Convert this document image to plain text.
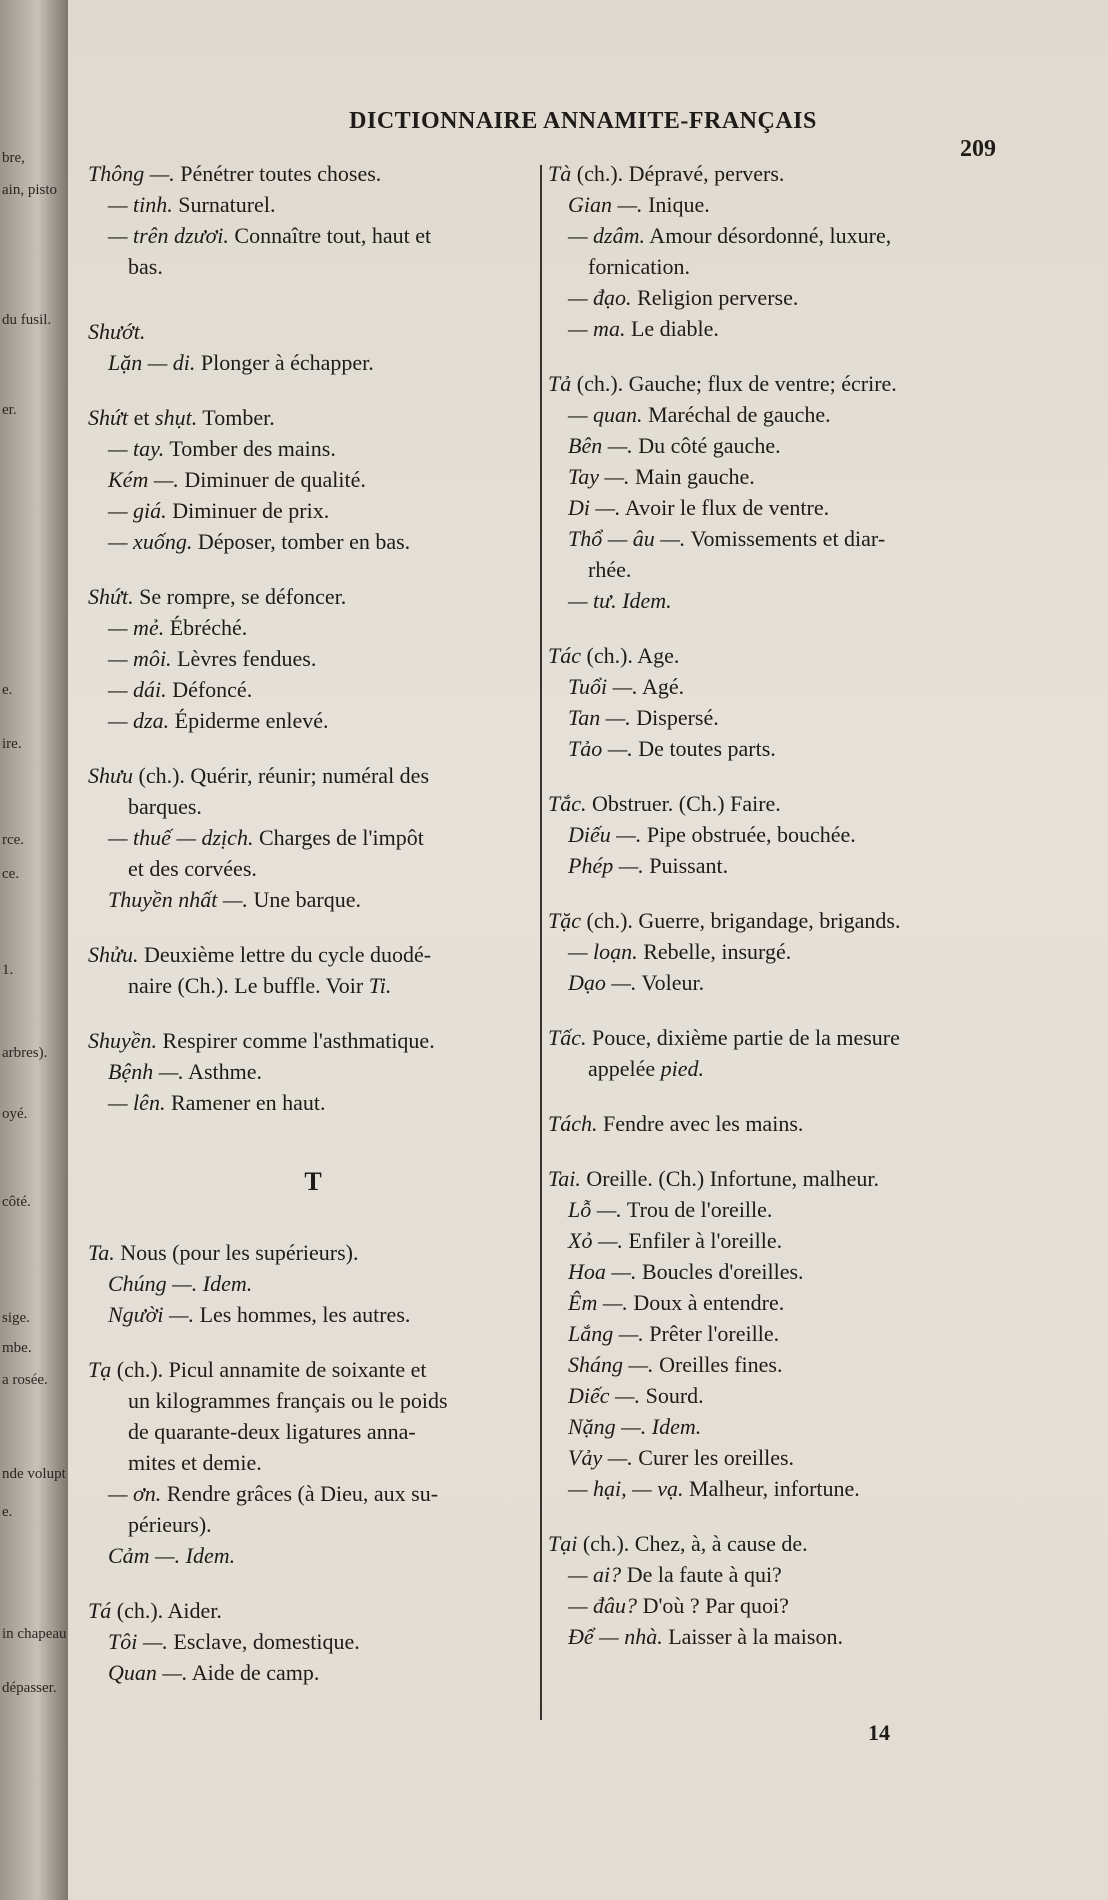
bre,
ain, pisto
du fusil.
er.
e.
ire.
rce.
ce.
1.
arbres).
oyé.
côté.
sige.
mbe.
a rosée.
nde volupt
e.
in chapeau
dépasser.
DICTIONNAIRE ANNAMITE-FRANÇAIS
209
Thông —. Pénétrer toutes choses.
— tinh. Surnaturel.
— trên dzươi. Connaître tout, haut et
bas.
Shướt.
Lặn — di. Plonger à échapper.
Shứt et shụt. Tomber.
— tay. Tomber des mains.
Kém —. Diminuer de qualité.
— giá. Diminuer de prix.
— xuống. Déposer, tomber en bas.
Shứt. Se rompre, se défoncer.
— mẻ. Ébréché.
— môi. Lèvres fendues.
— dái. Défoncé.
— dza. Épiderme enlevé.
Shưu (ch.). Quérir, réunir; numéral des
barques.
— thuế — dzịch. Charges de l'impôt
et des corvées.
Thuyền nhất —. Une barque.
Shửu. Deuxième lettre du cycle duodé-
naire (Ch.). Le buffle. Voir Ti.
Shuyền. Respirer comme l'asthmatique.
Bệnh —. Asthme.
— lên. Ramener en haut.
T
Ta. Nous (pour les supérieurs).
Chúng —. Idem.
Người —. Les hommes, les autres.
Tạ (ch.). Picul annamite de soixante et
un kilogrammes français ou le poids
de quarante-deux ligatures anna-
mites et demie.
— ơn. Rendre grâces (à Dieu, aux su-
périeurs).
Cảm —. Idem.
Tá (ch.). Aider.
Tôi —. Esclave, domestique.
Quan —. Aide de camp.
Tà (ch.). Dépravé, pervers.
Gian —. Inique.
— dzâm. Amour désordonné, luxure,
fornication.
— đạo. Religion perverse.
— ma. Le diable.
Tả (ch.). Gauche; flux de ventre; écrire.
— quan. Maréchal de gauche.
Bên —. Du côté gauche.
Tay —. Main gauche.
Di —. Avoir le flux de ventre.
Thổ — âu —. Vomissements et diar-
rhée.
— tư. Idem.
Tác (ch.). Age.
Tuổi —. Agé.
Tan —. Dispersé.
Tảo —. De toutes parts.
Tắc. Obstruer. (Ch.) Faire.
Diếu —. Pipe obstruée, bouchée.
Phép —. Puissant.
Tặc (ch.). Guerre, brigandage, brigands.
— loạn. Rebelle, insurgé.
Dạo —. Voleur.
Tấc. Pouce, dixième partie de la mesure
appelée pied.
Tách. Fendre avec les mains.
Tai. Oreille. (Ch.) Infortune, malheur.
Lỗ —. Trou de l'oreille.
Xỏ —. Enfiler à l'oreille.
Hoa —. Boucles d'oreilles.
Êm —. Doux à entendre.
Lắng —. Prêter l'oreille.
Sháng —. Oreilles fines.
Diếc —. Sourd.
Nặng —. Idem.
Vảy —. Curer les oreilles.
— hại, — vạ. Malheur, infortune.
Tại (ch.). Chez, à, à cause de.
— ai? De la faute à qui?
— đâu? D'où ? Par quoi?
Để — nhà. Laisser à la maison.
14
